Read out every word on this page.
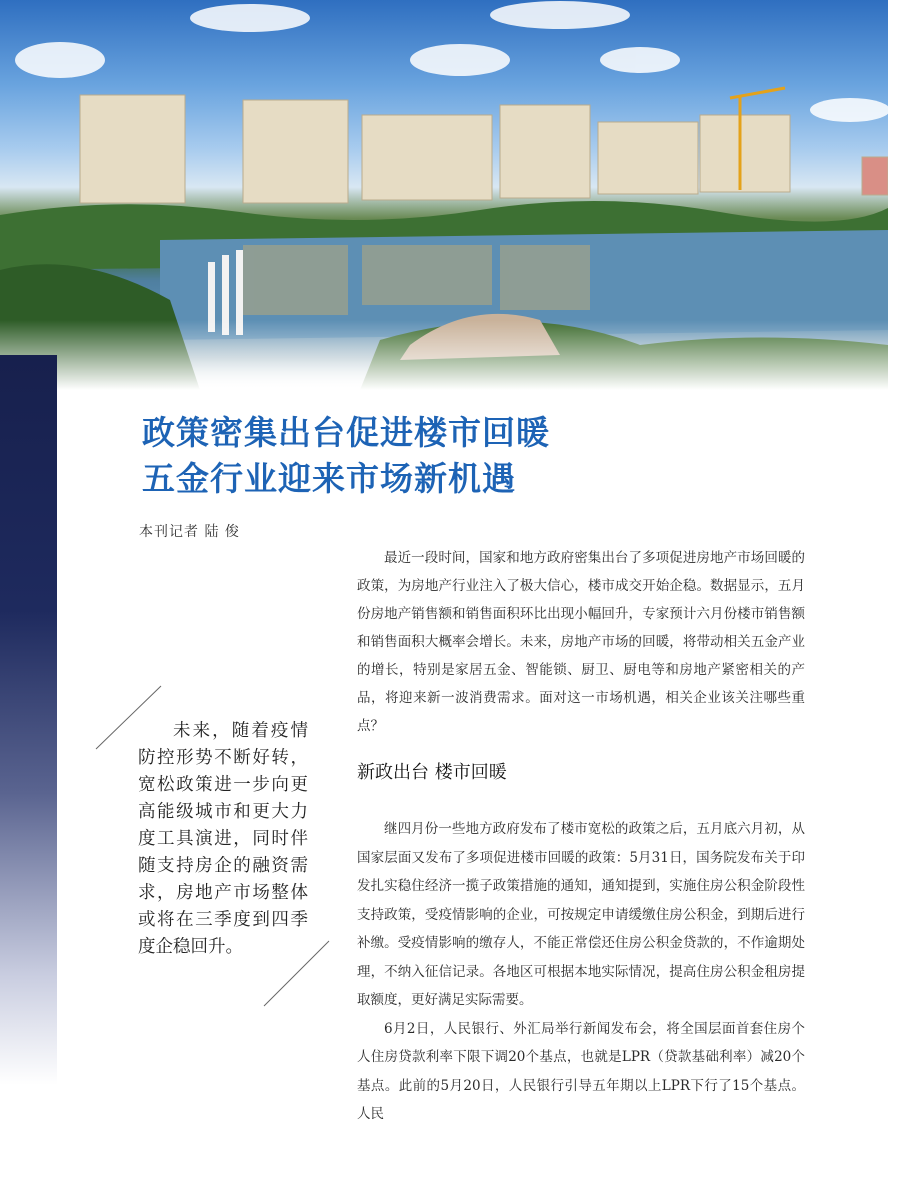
政策密集出台促进楼市回暖
五金行业迎来市场新机遇
本刊记者 陆 俊

最近一段时间，国家和地方政府密集出台了多项促进房地产市场回暖的政策，为房地产行业注入了极大信心，楼市成交开始企稳。数据显示，五月份房地产销售额和销售面积环比出现小幅回升，专家预计六月份楼市销售额和销售面积大概率会增长。未来，房地产市场的回暖，将带动相关五金产业的增长，特别是家居五金、智能锁、厨卫、厨电等和房地产紧密相关的产品，将迎来新一波消费需求。面对这一市场机遇，相关企业该关注哪些重点？

未来，随着疫情防控形势不断好转，宽松政策进一步向更高能级城市和更大力度工具演进，同时伴随支持房企的融资需求，房地产市场整体或将在三季度到四季度企稳回升。

新政出台 楼市回暖

继四月份一些地方政府发布了楼市宽松的政策之后，五月底六月初，从国家层面又发布了多项促进楼市回暖的政策：5月31日，国务院发布关于印发扎实稳住经济一揽子政策措施的通知，通知提到，实施住房公积金阶段性支持政策，受疫情影响的企业，可按规定申请缓缴住房公积金，到期后进行补缴。受疫情影响的缴存人，不能正常偿还住房公积金贷款的，不作逾期处理，不纳入征信记录。各地区可根据本地实际情况，提高住房公积金租房提取额度，更好满足实际需要。

6月2日，人民银行、外汇局举行新闻发布会，将全国层面首套住房个人住房贷款利率下限下调20个基点，也就是LPR（贷款基础利率）减20个基点。此前的5月20日，人民银行引导五年期以上LPR下行了15个基点。人民
